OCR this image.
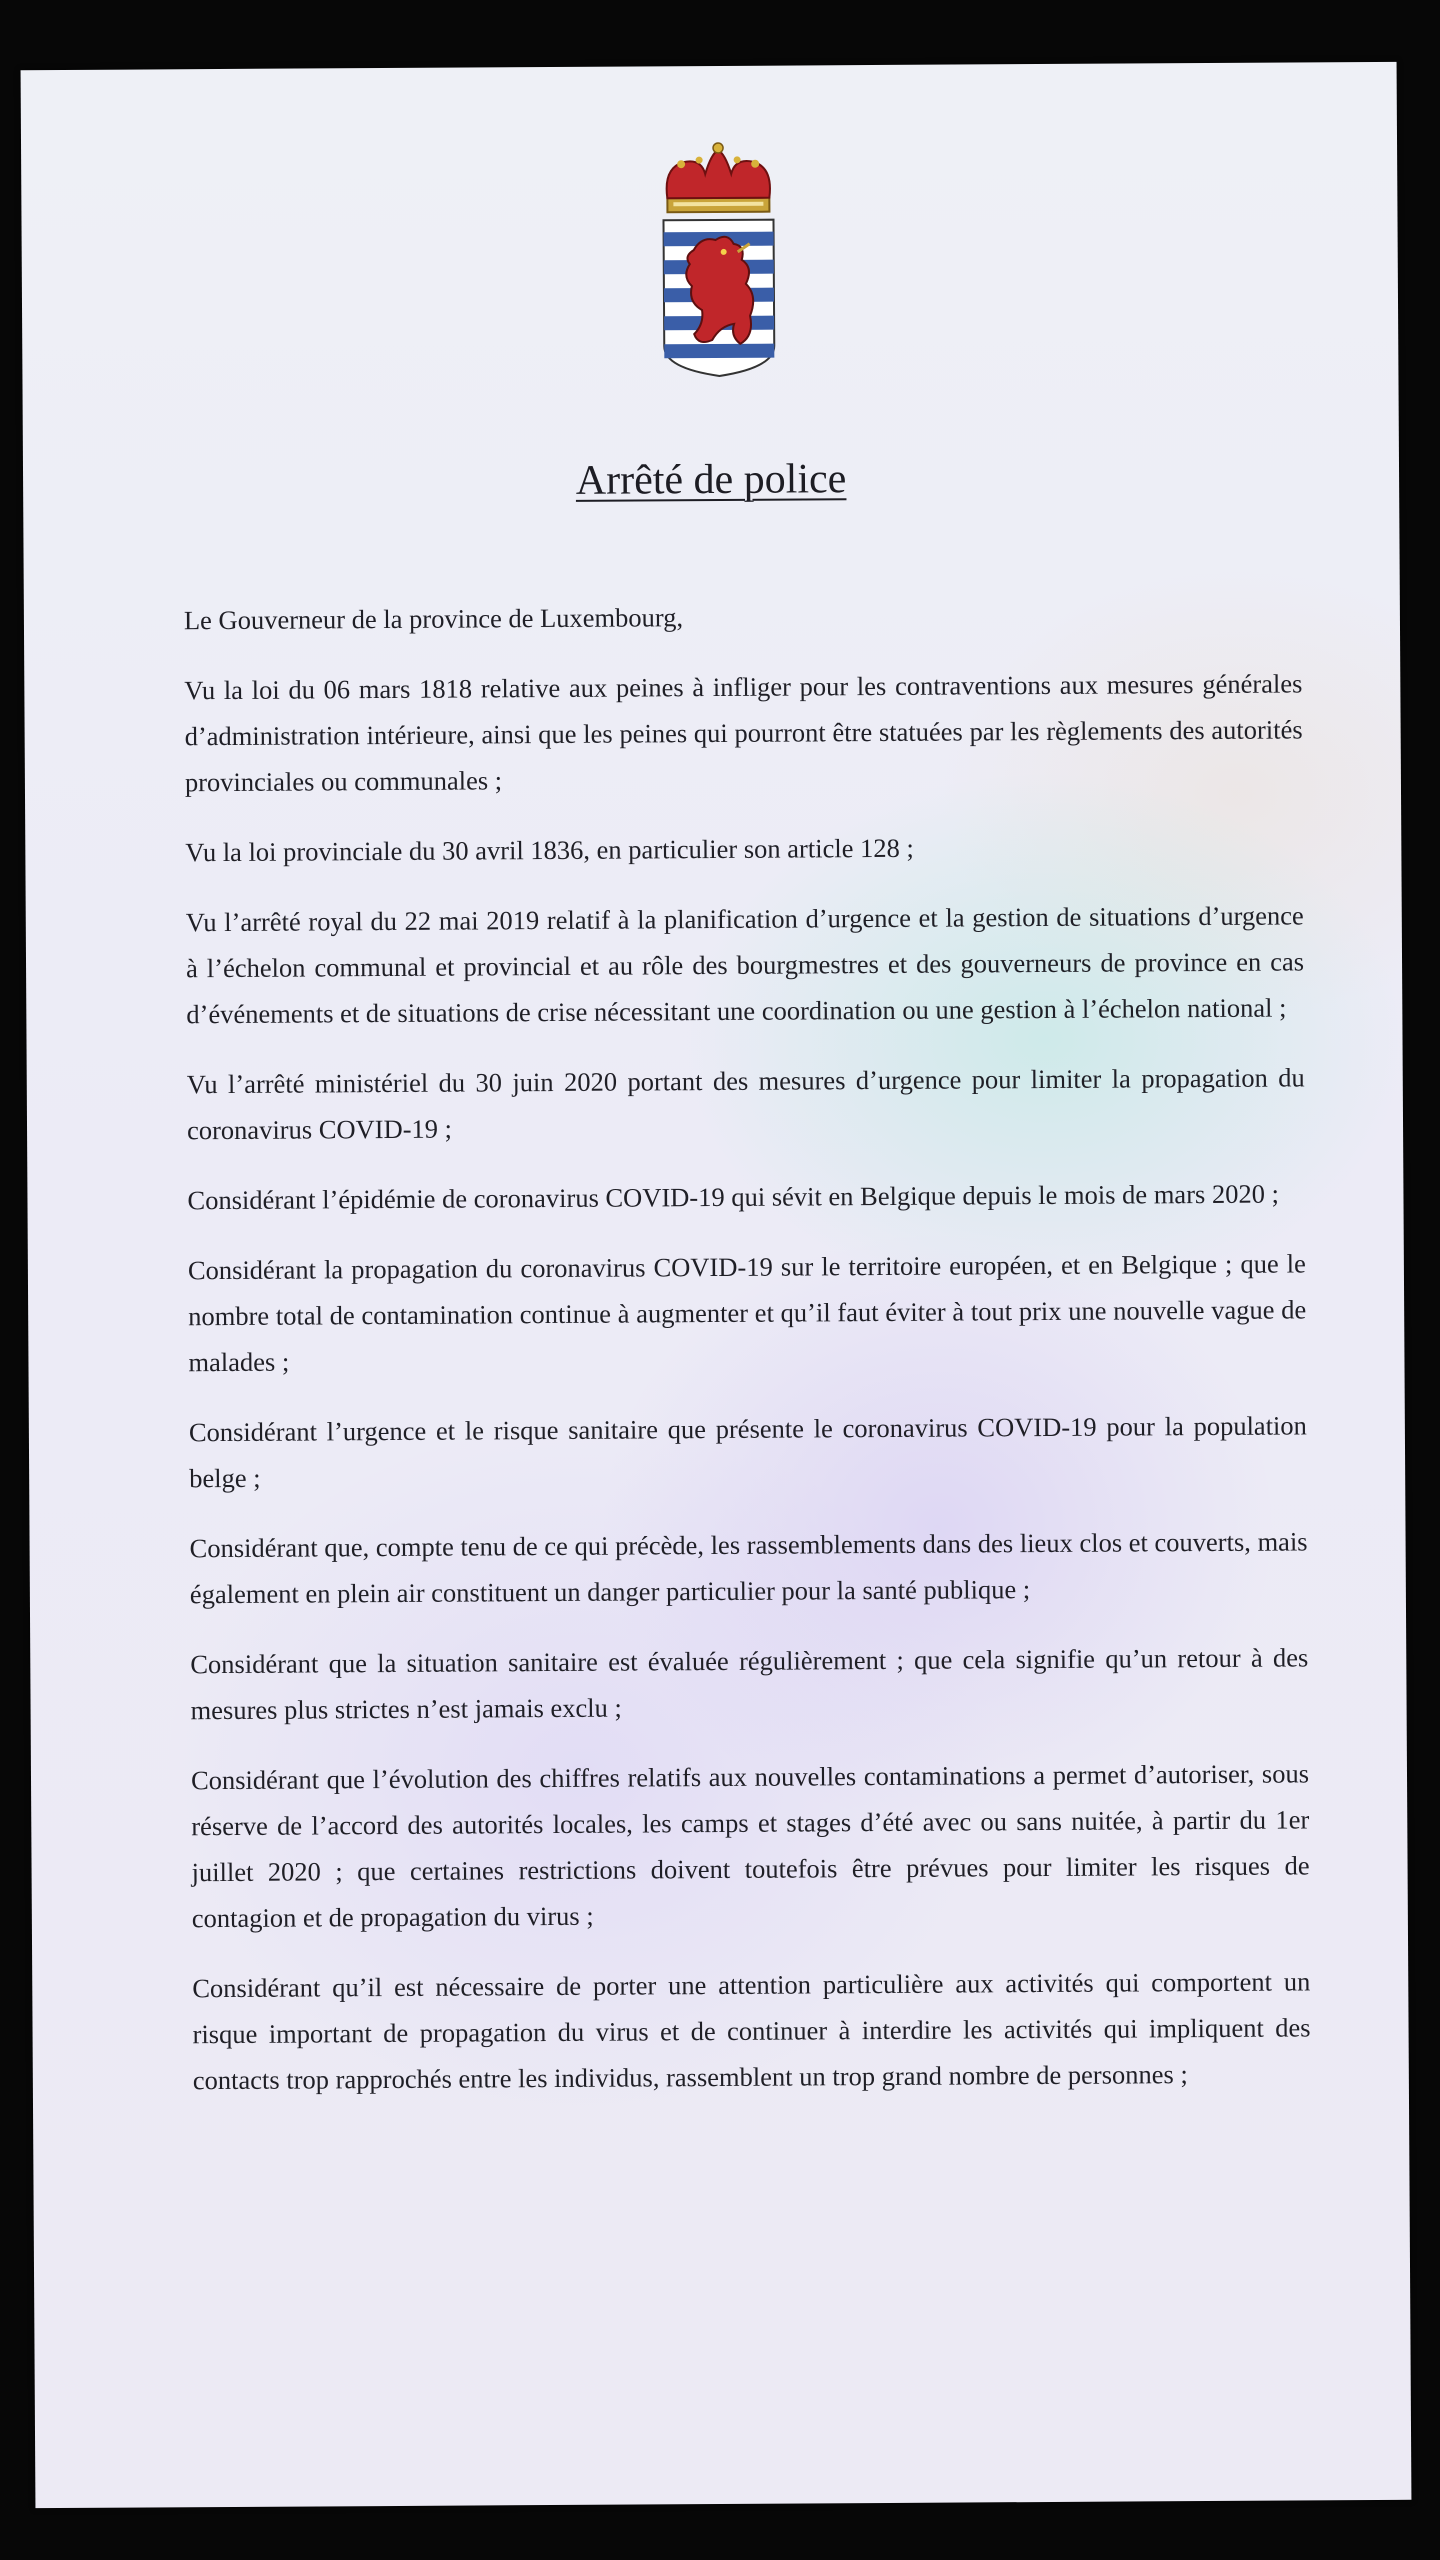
Arrêté de police

Le Gouverneur de la province de Luxembourg,

Vu la loi du 06 mars 1818 relative aux peines à infliger pour les contraventions aux mesures générales d’administration intérieure, ainsi que les peines qui pourront être statuées par les règlements des autorités provinciales ou communales ;

Vu la loi provinciale du 30 avril 1836, en particulier son article 128 ;

Vu l’arrêté royal du 22 mai 2019 relatif à la planification d’urgence et la gestion de situations d’urgence à l’échelon communal et provincial et au rôle des bourgmestres et des gouverneurs de province en cas d’événements et de situations de crise nécessitant une coordination ou une gestion à l’échelon national ;

Vu l’arrêté ministériel du 30 juin 2020 portant des mesures d’urgence pour limiter la propagation du coronavirus COVID-19 ;

Considérant l’épidémie de coronavirus COVID-19 qui sévit en Belgique depuis le mois de mars 2020 ;

Considérant la propagation du coronavirus COVID-19 sur le territoire européen, et en Belgique ; que le nombre total de contamination continue à augmenter et qu’il faut éviter à tout prix une nouvelle vague de malades ;

Considérant l’urgence et le risque sanitaire que présente le coronavirus COVID-19 pour la population belge ;

Considérant que, compte tenu de ce qui précède, les rassemblements dans des lieux clos et couverts, mais également en plein air constituent un danger particulier pour la santé publique ;

Considérant que la situation sanitaire est évaluée régulièrement ; que cela signifie qu’un retour à des mesures plus strictes n’est jamais exclu ;

Considérant que l’évolution des chiffres relatifs aux nouvelles contaminations a permet d’autoriser, sous réserve de l’accord des autorités locales, les camps et stages d’été avec ou sans nuitée, à partir du 1er juillet 2020 ; que certaines restrictions doivent toutefois être prévues pour limiter les risques de contagion et de propagation du virus ;

Considérant qu’il est nécessaire de porter une attention particulière aux activités qui comportent un risque important de propagation du virus et de continuer à interdire les activités qui impliquent des contacts trop rapprochés entre les individus, rassemblent un trop grand nombre de personnes ;
